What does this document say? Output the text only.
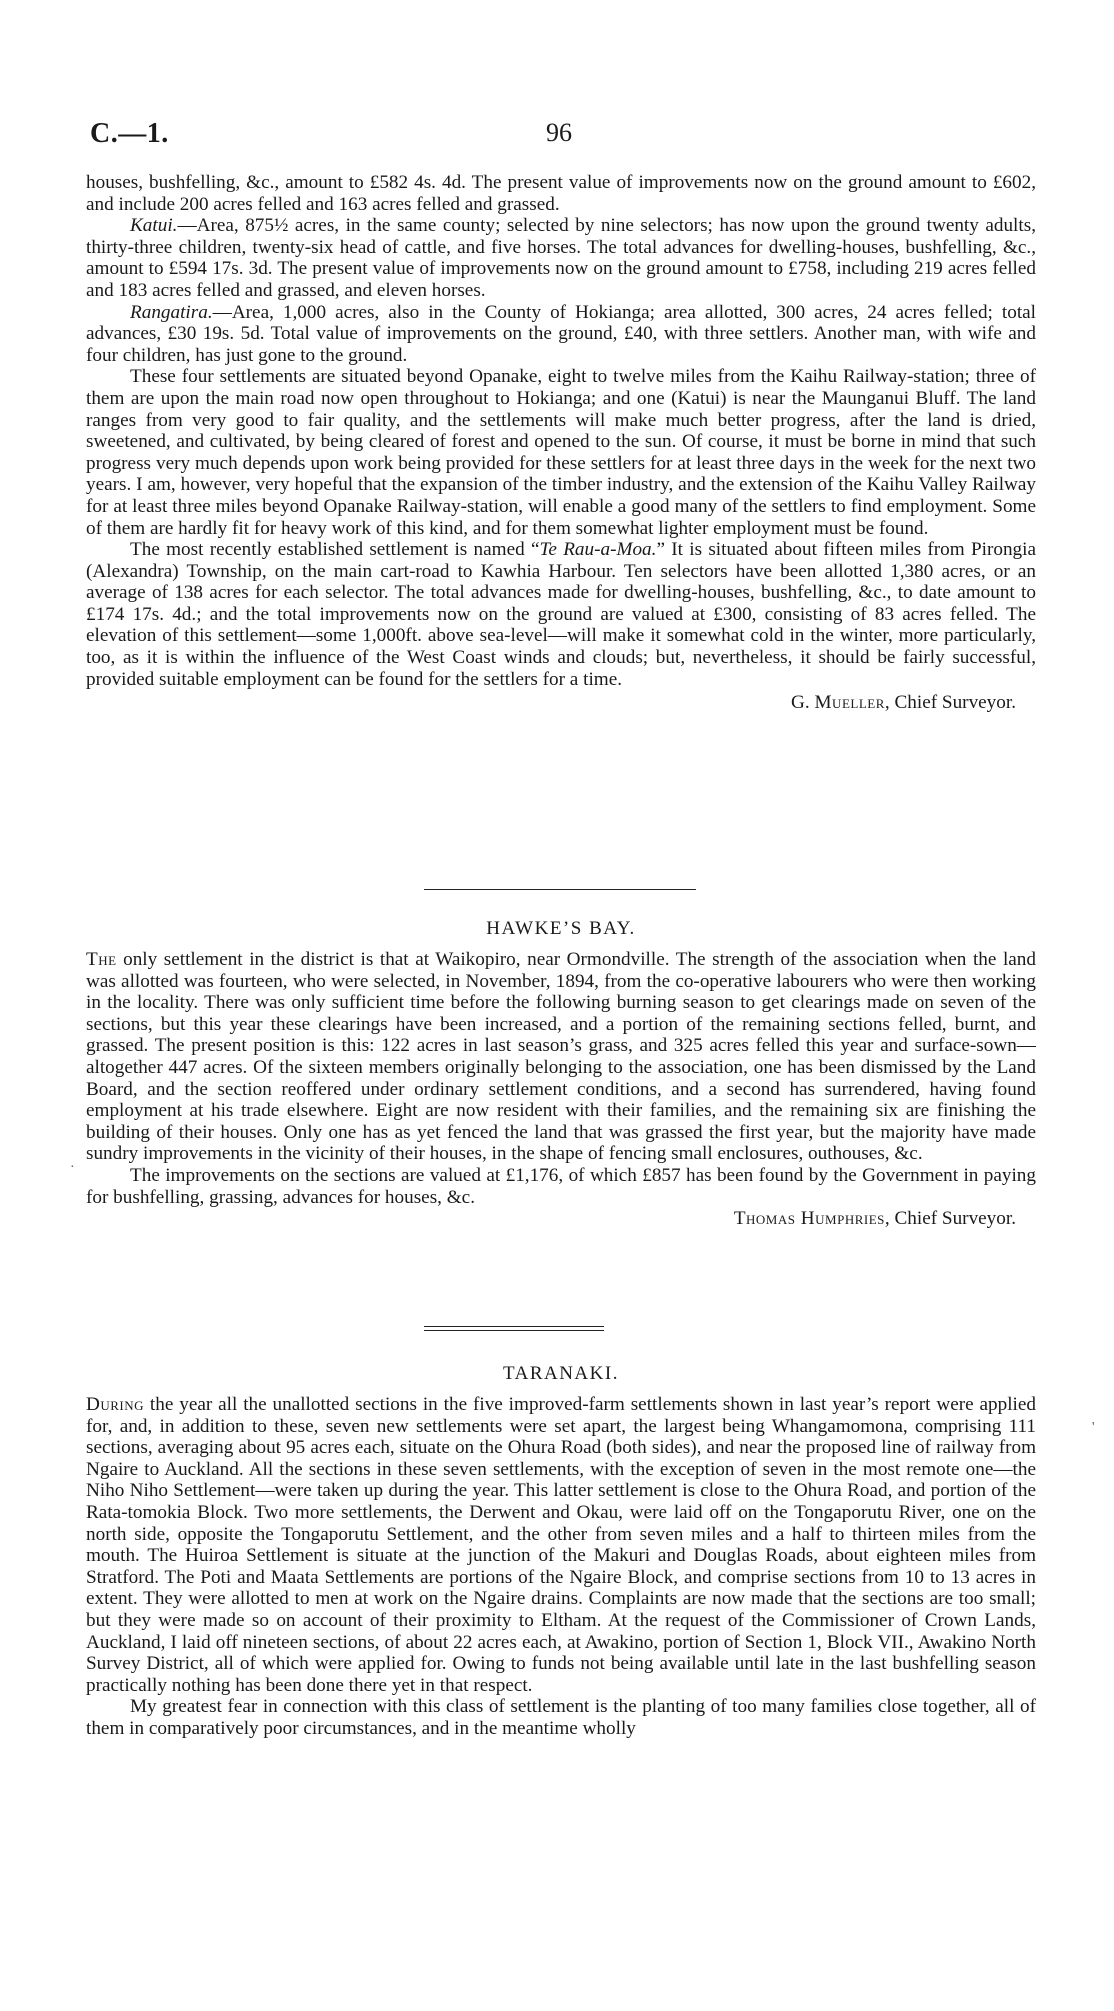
C.—1.	96

houses, bushfelling, &c., amount to £582 4s. 4d. The present value of improvements now on the ground amount to £602, and include 200 acres felled and 163 acres felled and grassed.

Katui.—Area, 875½ acres, in the same county; selected by nine selectors; has now upon the ground twenty adults, thirty-three children, twenty-six head of cattle, and five horses. The total advances for dwelling-houses, bushfelling, &c., amount to £594 17s. 3d. The present value of improvements now on the ground amount to £758, including 219 acres felled and 183 acres felled and grassed, and eleven horses.

Rangatira.—Area, 1,000 acres, also in the County of Hokianga; area allotted, 300 acres, 24 acres felled; total advances, £30 19s. 5d. Total value of improvements on the ground, £40, with three settlers. Another man, with wife and four children, has just gone to the ground.

These four settlements are situated beyond Opanake, eight to twelve miles from the Kaihu Railway-station; three of them are upon the main road now open throughout to Hokianga; and one (Katui) is near the Maunganui Bluff. The land ranges from very good to fair quality, and the settlements will make much better progress, after the land is dried, sweetened, and cultivated, by being cleared of forest and opened to the sun. Of course, it must be borne in mind that such progress very much depends upon work being provided for these settlers for at least three days in the week for the next two years. I am, however, very hopeful that the expansion of the timber industry, and the extension of the Kaihu Valley Railway for at least three miles beyond Opanake Railway-station, will enable a good many of the settlers to find employment. Some of them are hardly fit for heavy work of this kind, and for them somewhat lighter employment must be found.

The most recently established settlement is named “Te Rau-a-Moa.” It is situated about fifteen miles from Pirongia (Alexandra) Township, on the main cart-road to Kawhia Harbour. Ten selectors have been allotted 1,380 acres, or an average of 138 acres for each selector. The total advances made for dwelling-houses, bushfelling, &c., to date amount to £174 17s. 4d.; and the total improvements now on the ground are valued at £300, consisting of 83 acres felled. The elevation of this settlement—some 1,000ft. above sea-level—will make it somewhat cold in the winter, more particularly, too, as it is within the influence of the West Coast winds and clouds; but, nevertheless, it should be fairly successful, provided suitable employment can be found for the settlers for a time.

G. Mueller, Chief Surveyor.

HAWKE’S BAY.

The only settlement in the district is that at Waikopiro, near Ormondville. The strength of the association when the land was allotted was fourteen, who were selected, in November, 1894, from the co-operative labourers who were then working in the locality. There was only sufficient time before the following burning season to get clearings made on seven of the sections, but this year these clearings have been increased, and a portion of the remaining sections felled, burnt, and grassed. The present position is this: 122 acres in last season’s grass, and 325 acres felled this year and surface-sown—altogether 447 acres. Of the sixteen members originally belonging to the association, one has been dismissed by the Land Board, and the section reoffered under ordinary settlement conditions, and a second has surrendered, having found employment at his trade elsewhere. Eight are now resident with their families, and the remaining six are finishing the building of their houses. Only one has as yet fenced the land that was grassed the first year, but the majority have made sundry improvements in the vicinity of their houses, in the shape of fencing small enclosures, outhouses, &c.

The improvements on the sections are valued at £1,176, of which £857 has been found by the Government in paying for bushfelling, grassing, advances for houses, &c.

Thomas Humphries, Chief Surveyor.

TARANAKI.

During the year all the unallotted sections in the five improved-farm settlements shown in last year’s report were applied for, and, in addition to these, seven new settlements were set apart, the largest being Whangamomona, comprising 111 sections, averaging about 95 acres each, situate on the Ohura Road (both sides), and near the proposed line of railway from Ngaire to Auckland. All the sections in these seven settlements, with the exception of seven in the most remote one—the Niho Niho Settlement—were taken up during the year. This latter settlement is close to the Ohura Road, and portion of the Rata-tomokia Block. Two more settlements, the Derwent and Okau, were laid off on the Tongaporutu River, one on the north side, opposite the Tongaporutu Settlement, and the other from seven miles and a half to thirteen miles from the mouth. The Huiroa Settlement is situate at the junction of the Makuri and Douglas Roads, about eighteen miles from Stratford. The Poti and Maata Settlements are portions of the Ngaire Block, and comprise sections from 10 to 13 acres in extent. They were allotted to men at work on the Ngaire drains. Complaints are now made that the sections are too small; but they were made so on account of their proximity to Eltham. At the request of the Commissioner of Crown Lands, Auckland, I laid off nineteen sections, of about 22 acres each, at Awakino, portion of Section 1, Block VII., Awakino North Survey District, all of which were applied for. Owing to funds not being available until late in the last bushfelling season practically nothing has been done there yet in that respect.

My greatest fear in connection with this class of settlement is the planting of too many families close together, all of them in comparatively poor circumstances, and in the meantime wholly

·
'
